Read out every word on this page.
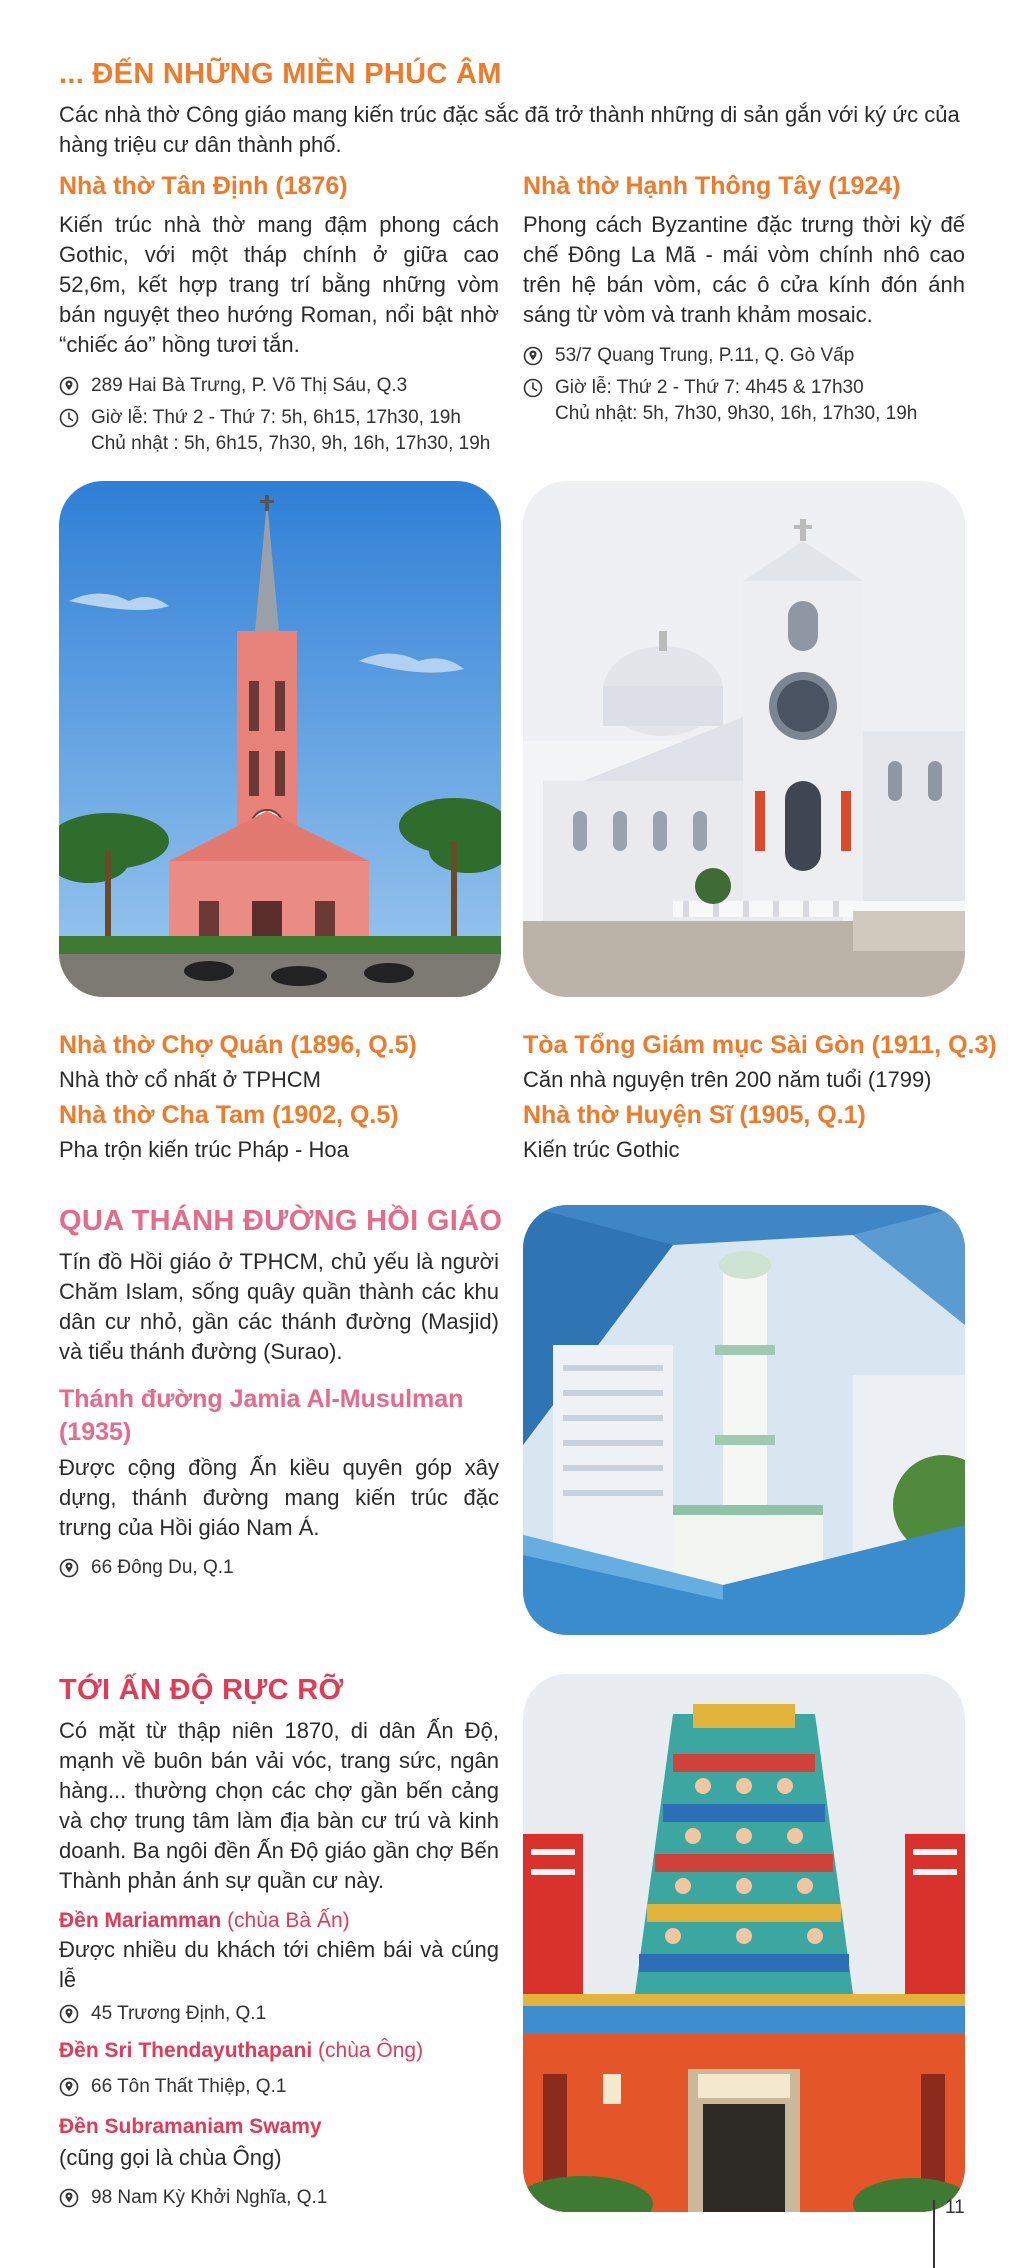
... ĐẾN NHỮNG MIỀN PHÚC ÂM
Các nhà thờ Công giáo mang kiến trúc đặc sắc đã trở thành những di sản gắn với ký ức của hàng triệu cư dân thành phố.
Nhà thờ Tân Định (1876)
Kiến trúc nhà thờ mang đậm phong cách Gothic, với một tháp chính ở giữa cao 52,6m, kết hợp trang trí bằng những vòm bán nguyệt theo hướng Roman, nổi bật nhờ “chiếc áo” hồng tươi tắn.
289 Hai Bà Trưng, P. Võ Thị Sáu, Q.3
Giờ lễ: Thứ 2 - Thứ 7: 5h, 6h15, 17h30, 19h
Chủ nhật : 5h, 6h15, 7h30, 9h, 16h, 17h30, 19h
Nhà thờ Hạnh Thông Tây (1924)
Phong cách Byzantine đặc trưng thời kỳ đế chế Đông La Mã - mái vòm chính nhô cao trên hệ bán vòm, các ô cửa kính đón ánh sáng từ vòm và tranh khảm mosaic.
53/7 Quang Trung, P.11, Q. Gò Vấp
Giờ lễ: Thứ 2 - Thứ 7: 4h45 & 17h30
Chủ nhật: 5h, 7h30, 9h30, 16h, 17h30, 19h
Nhà thờ Chợ Quán (1896, Q.5)
Nhà thờ cổ nhất ở TPHCM
Tòa Tổng Giám mục Sài Gòn (1911, Q.3)
Căn nhà nguyện trên 200 năm tuổi (1799)
Nhà thờ Cha Tam (1902, Q.5)
Pha trộn kiến trúc Pháp - Hoa
Nhà thờ Huyện Sĩ (1905, Q.1)
Kiến trúc Gothic
QUA THÁNH ĐƯỜNG HỒI GIÁO
Tín đồ Hồi giáo ở TPHCM, chủ yếu là người Chăm Islam, sống quây quần thành các khu dân cư nhỏ, gần các thánh đường (Masjid) và tiểu thánh đường (Surao).
Thánh đường Jamia Al-Musulman (1935)
Được cộng đồng Ấn kiều quyên góp xây dựng, thánh đường mang kiến trúc đặc trưng của Hồi giáo Nam Á.
66 Đông Du, Q.1
TỚI ẤN ĐỘ RỰC RỠ
Có mặt từ thập niên 1870, di dân Ấn Độ, mạnh về buôn bán vải vóc, trang sức, ngân hàng... thường chọn các chợ gần bến cảng và chợ trung tâm làm địa bàn cư trú và kinh doanh. Ba ngôi đền Ấn Độ giáo gần chợ Bến Thành phản ánh sự quần cư này.
Đền Mariamman (chùa Bà Ấn)
Được nhiều du khách tới chiêm bái và cúng lễ
45 Trương Định, Q.1
Đền Sri Thendayuthapani (chùa Ông)
66 Tôn Thất Thiệp, Q.1
Đền Subramaniam Swamy
(cũng gọi là chùa Ông)
98 Nam Kỳ Khởi Nghĩa, Q.1	11
